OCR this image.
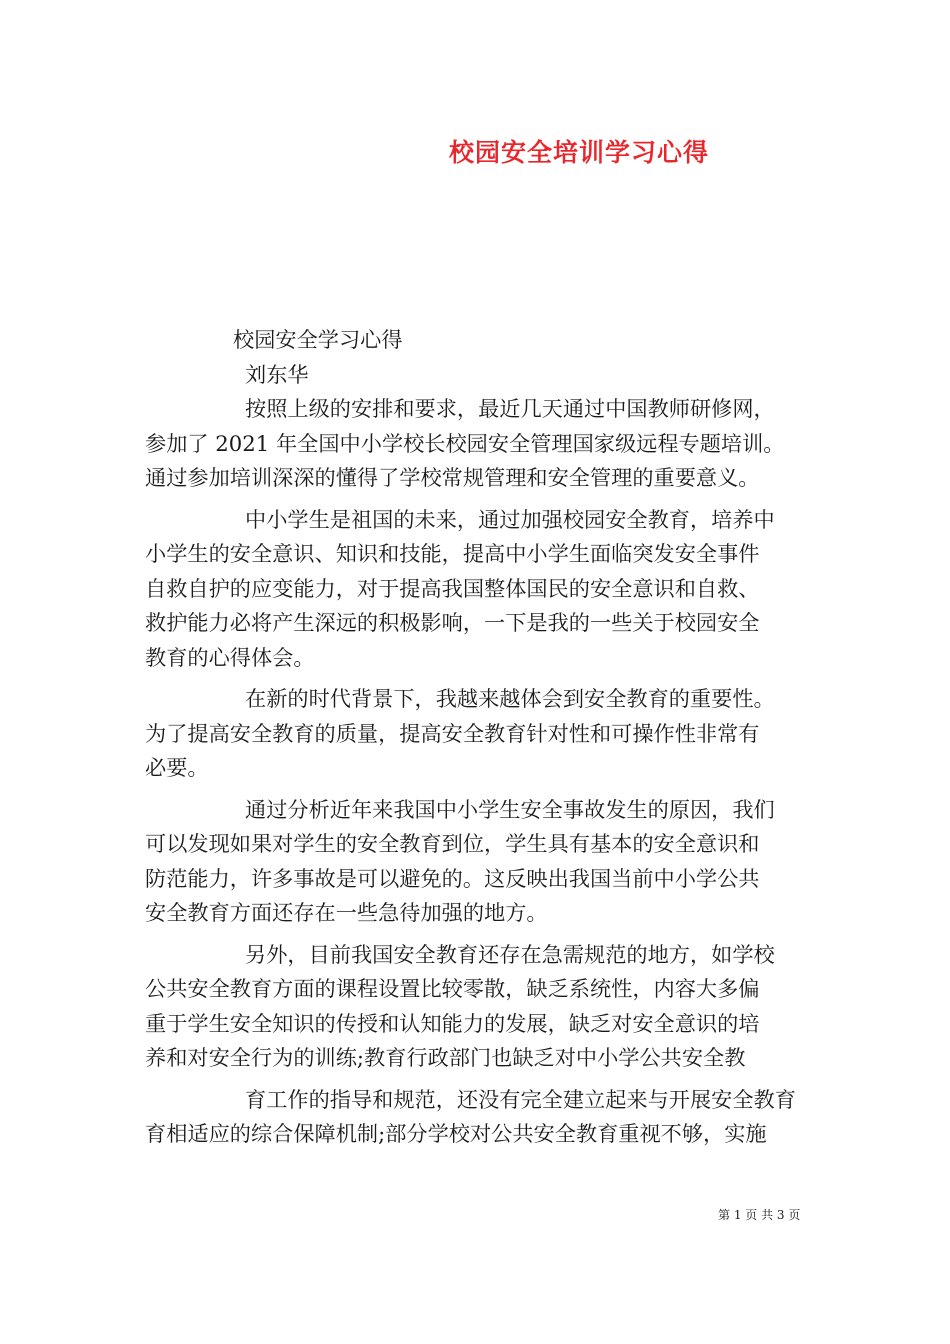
校园安全培训学习心得
校园安全学习心得
刘东华

按照上级的安排和要求，最近几天通过中国教师研修网，
参加了 2021 年全国中小学校长校园安全管理国家级远程专题培训。
通过参加培训深深的懂得了学校常规管理和安全管理的重要意义。

中小学生是祖国的未来，通过加强校园安全教育，培养中
小学生的安全意识、知识和技能，提高中小学生面临突发安全事件
自救自护的应变能力，对于提高我国整体国民的安全意识和自救、
救护能力必将产生深远的积极影响，一下是我的一些关于校园安全
教育的心得体会。

在新的时代背景下，我越来越体会到安全教育的重要性。
为了提高安全教育的质量，提高安全教育针对性和可操作性非常有
必要。

通过分析近年来我国中小学生安全事故发生的原因，我们
可以发现如果对学生的安全教育到位，学生具有基本的安全意识和
防范能力，许多事故是可以避免的。这反映出我国当前中小学公共
安全教育方面还存在一些急待加强的地方。

另外，目前我国安全教育还存在急需规范的地方，如学校
公共安全教育方面的课程设置比较零散，缺乏系统性，内容大多偏
重于学生安全知识的传授和认知能力的发展，缺乏对安全意识的培
养和对安全行为的训练;教育行政部门也缺乏对中小学公共安全教

育工作的指导和规范，还没有完全建立起来与开展安全教育
育相适应的综合保障机制;部分学校对公共安全教育重视不够，实施

第 1 页 共 3 页
